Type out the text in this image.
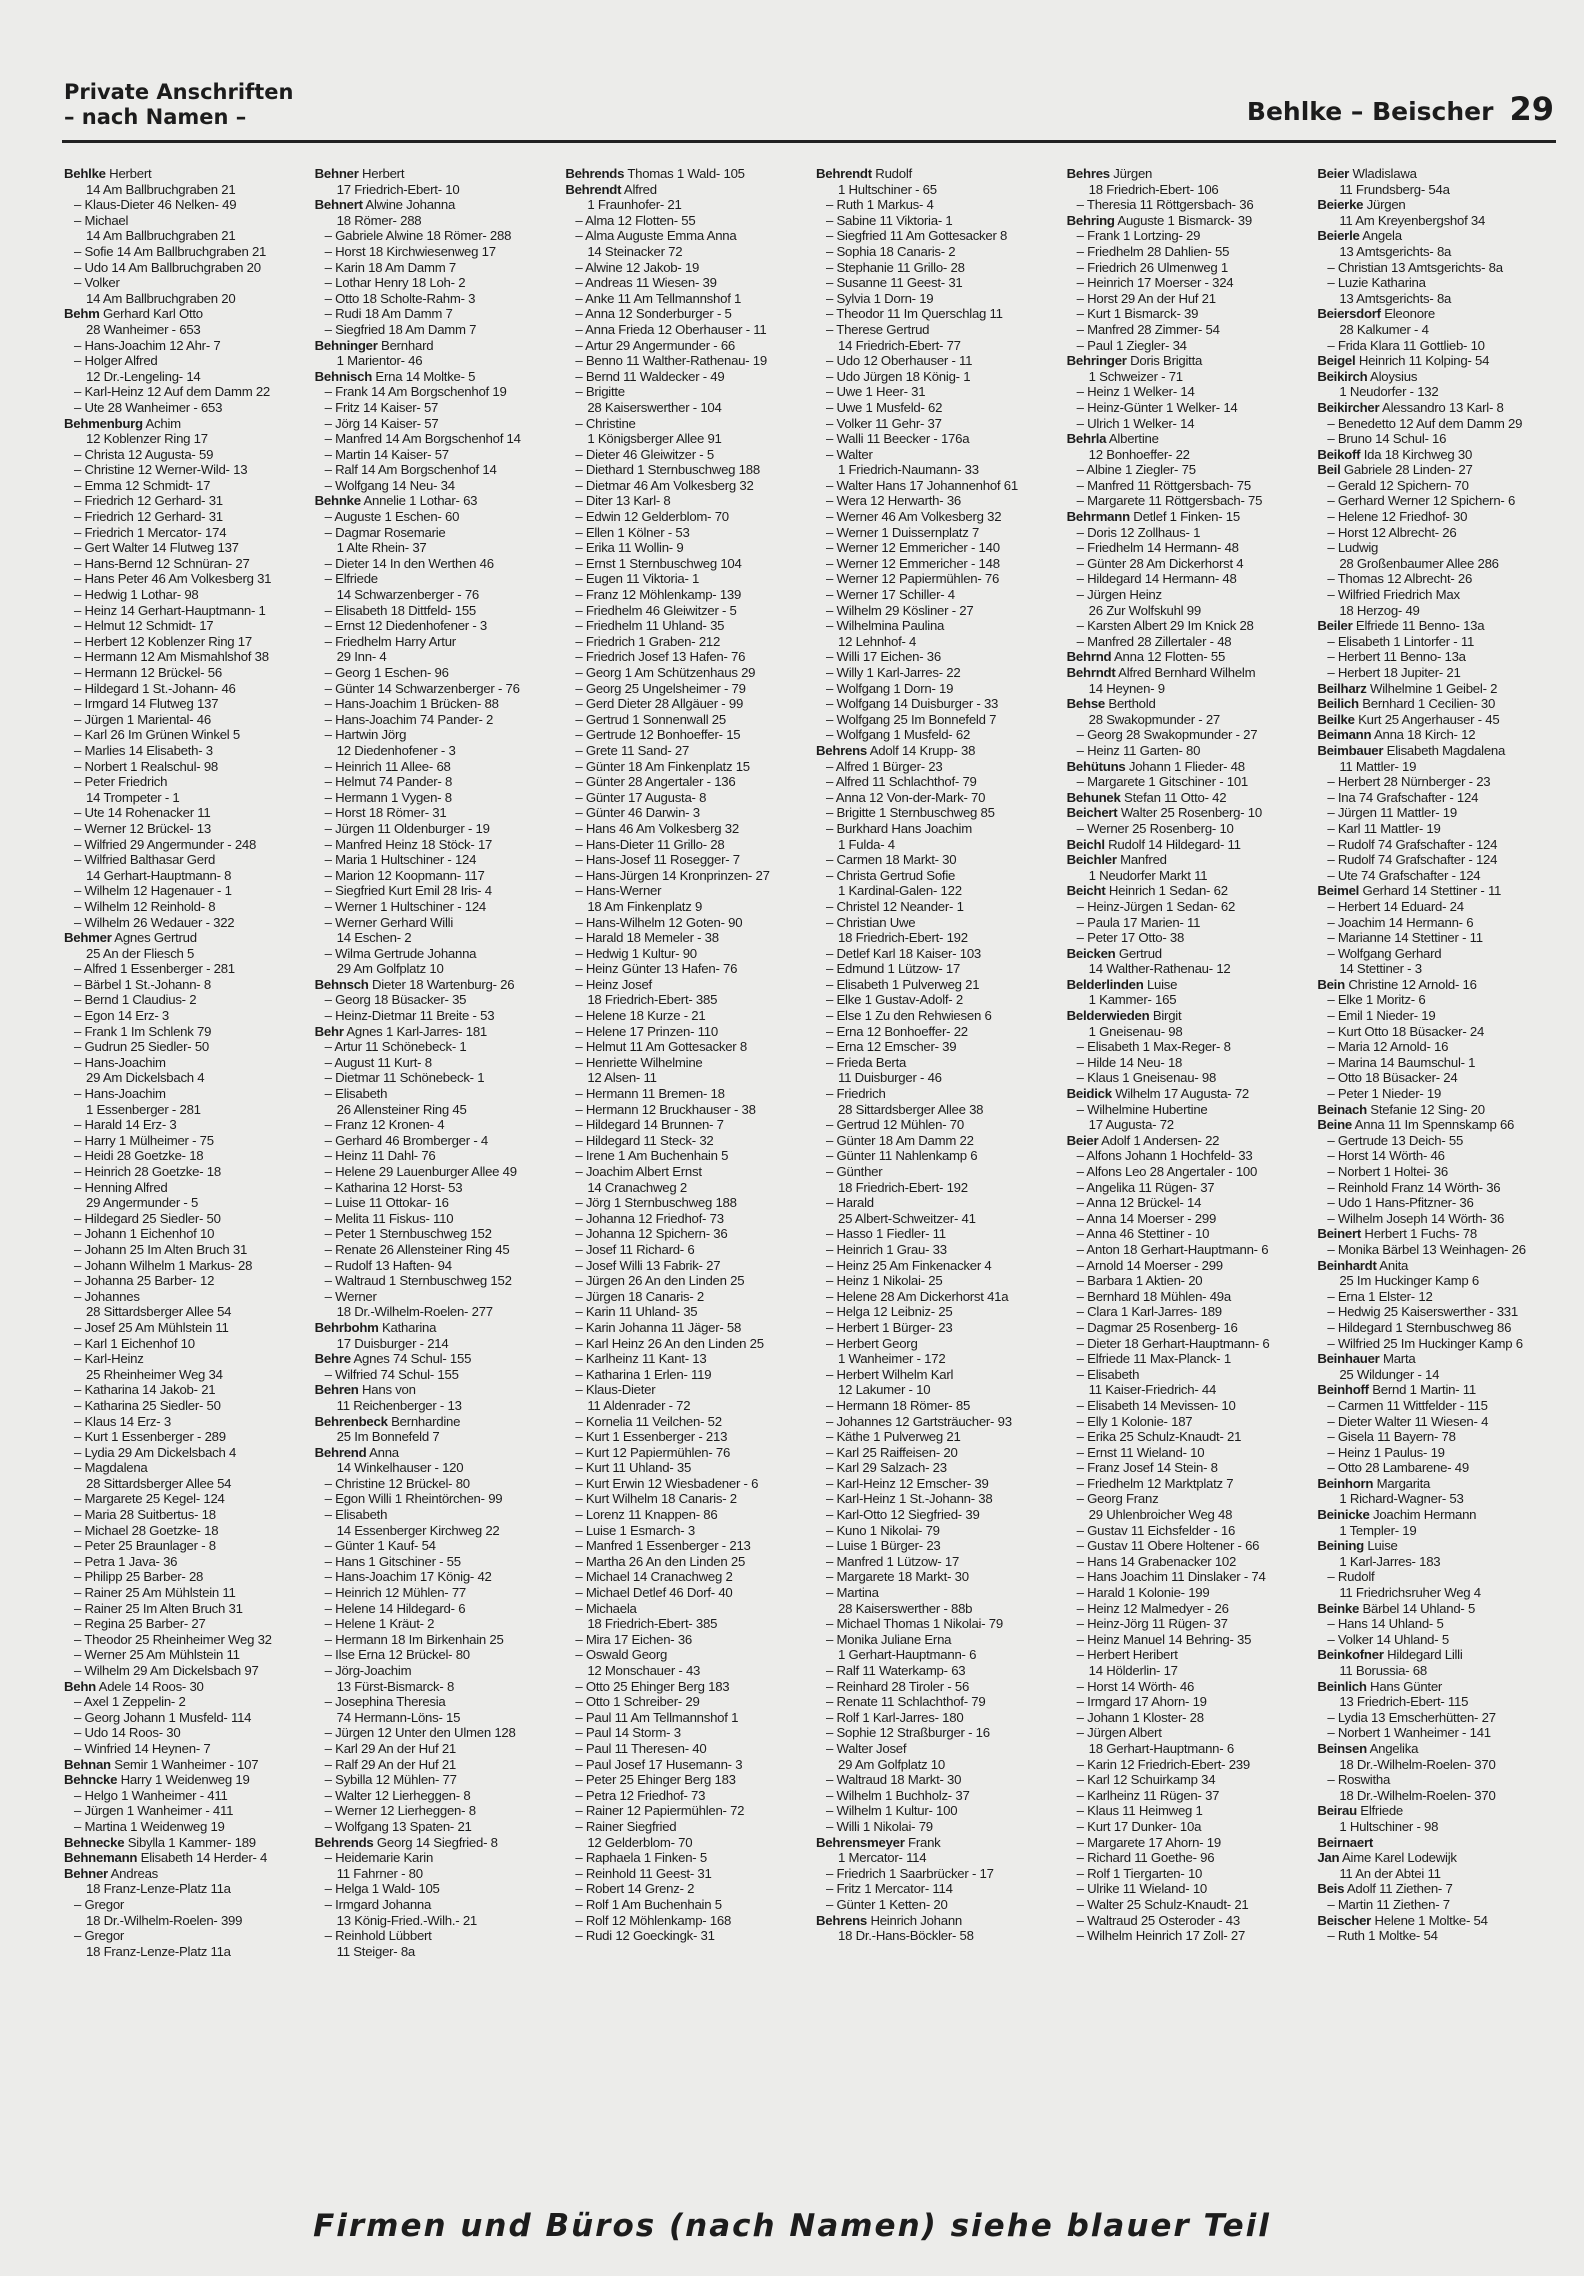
Private Anschriften
– nach Namen –	Behlke – Beischer 29
Behlke Herbert
14 Am Ballbruchgraben 21
– Klaus-Dieter 46 Nelken- 49
– Michael
14 Am Ballbruchgraben 21
– Sofie 14 Am Ballbruchgraben 21
– Udo 14 Am Ballbruchgraben 20
– Volker
14 Am Ballbruchgraben 20
Behm Gerhard Karl Otto
28 Wanheimer - 653
– Hans-Joachim 12 Ahr- 7
– Holger Alfred
12 Dr.-Lengeling- 14
– Karl-Heinz 12 Auf dem Damm 22
– Ute 28 Wanheimer - 653
Behmenburg Achim
12 Koblenzer Ring 17
– Christa 12 Augusta- 59
– Christine 12 Werner-Wild- 13
– Emma 12 Schmidt- 17
– Friedrich 12 Gerhard- 31
– Friedrich 12 Gerhard- 31
– Friedrich 1 Mercator- 174
– Gert Walter 14 Flutweg 137
– Hans-Bernd 12 Schnüran- 27
– Hans Peter 46 Am Volkesberg 31
– Hedwig 1 Lothar- 98
– Heinz 14 Gerhart-Hauptmann- 1
– Helmut 12 Schmidt- 17
– Herbert 12 Koblenzer Ring 17
– Hermann 12 Am Mismahlshof 38
– Hermann 12 Brückel- 56
– Hildegard 1 St.-Johann- 46
– Irmgard 14 Flutweg 137
– Jürgen 1 Mariental- 46
– Karl 26 Im Grünen Winkel 5
– Marlies 14 Elisabeth- 3
– Norbert 1 Realschul- 98
– Peter Friedrich
14 Trompeter - 1
– Ute 14 Rohenacker 11
– Werner 12 Brückel- 13
– Wilfried 29 Angermunder - 248
– Wilfried Balthasar Gerd
14 Gerhart-Hauptmann- 8
– Wilhelm 12 Hagenauer - 1
– Wilhelm 12 Reinhold- 8
– Wilhelm 26 Wedauer - 322
Behmer Agnes Gertrud
25 An der Fliesch 5
– Alfred 1 Essenberger - 281
– Bärbel 1 St.-Johann- 8
– Bernd 1 Claudius- 2
– Egon 14 Erz- 3
– Frank 1 Im Schlenk 79
– Gudrun 25 Siedler- 50
– Hans-Joachim
29 Am Dickelsbach 4
– Hans-Joachim
1 Essenberger - 281
– Harald 14 Erz- 3
– Harry 1 Mülheimer - 75
– Heidi 28 Goetzke- 18
– Heinrich 28 Goetzke- 18
– Henning Alfred
29 Angermunder - 5
– Hildegard 25 Siedler- 50
– Johann 1 Eichenhof 10
– Johann 25 Im Alten Bruch 31
– Johann Wilhelm 1 Markus- 28
– Johanna 25 Barber- 12
– Johannes
28 Sittardsberger Allee 54
– Josef 25 Am Mühlstein 11
– Karl 1 Eichenhof 10
– Karl-Heinz
25 Rheinheimer Weg 34
– Katharina 14 Jakob- 21
– Katharina 25 Siedler- 50
– Klaus 14 Erz- 3
– Kurt 1 Essenberger - 289
– Lydia 29 Am Dickelsbach 4
– Magdalena
28 Sittardsberger Allee 54
– Margarete 25 Kegel- 124
– Maria 28 Suitbertus- 18
– Michael 28 Goetzke- 18
– Peter 25 Braunlager - 8
– Petra 1 Java- 36
– Philipp 25 Barber- 28
– Rainer 25 Am Mühlstein 11
– Rainer 25 Im Alten Bruch 31
– Regina 25 Barber- 27
– Theodor 25 Rheinheimer Weg 32
– Werner 25 Am Mühlstein 11
– Wilhelm 29 Am Dickelsbach 97
Behn Adele 14 Roos- 30
– Axel 1 Zeppelin- 2
– Georg Johann 1 Musfeld- 114
– Udo 14 Roos- 30
– Winfried 14 Heynen- 7
Behnan Semir 1 Wanheimer - 107
Behncke Harry 1 Weidenweg 19
– Helgo 1 Wanheimer - 411
– Jürgen 1 Wanheimer - 411
– Martina 1 Weidenweg 19
Behnecke Sibylla 1 Kammer- 189
Behnemann Elisabeth 14 Herder- 4
Behner Andreas
18 Franz-Lenze-Platz 11a
– Gregor
18 Dr.-Wilhelm-Roelen- 399
– Gregor
18 Franz-Lenze-Platz 11a
Behner Herbert
17 Friedrich-Ebert- 10
Behnert Alwine Johanna
18 Römer- 288
– Gabriele Alwine 18 Römer- 288
– Horst 18 Kirchwiesenweg 17
– Karin 18 Am Damm 7
– Lothar Henry 18 Loh- 2
– Otto 18 Scholte-Rahm- 3
– Rudi 18 Am Damm 7
– Siegfried 18 Am Damm 7
Behninger Bernhard
1 Marientor- 46
Behnisch Erna 14 Moltke- 5
– Frank 14 Am Borgschenhof 19
– Fritz 14 Kaiser- 57
– Jörg 14 Kaiser- 57
– Manfred 14 Am Borgschenhof 14
– Martin 14 Kaiser- 57
– Ralf 14 Am Borgschenhof 14
– Wolfgang 14 Neu- 34
Behnke Annelie 1 Lothar- 63
– Auguste 1 Eschen- 60
– Dagmar Rosemarie
1 Alte Rhein- 37
– Dieter 14 In den Werthen 46
– Elfriede
14 Schwarzenberger - 76
– Elisabeth 18 Dittfeld- 155
– Ernst 12 Diedenhofener - 3
– Friedhelm Harry Artur
29 Inn- 4
– Georg 1 Eschen- 96
– Günter 14 Schwarzenberger - 76
– Hans-Joachim 1 Brücken- 88
– Hans-Joachim 74 Pander- 2
– Hartwin Jörg
12 Diedenhofener - 3
– Heinrich 11 Allee- 68
– Helmut 74 Pander- 8
– Hermann 1 Vygen- 8
– Horst 18 Römer- 31
– Jürgen 11 Oldenburger - 19
– Manfred Heinz 18 Stöck- 17
– Maria 1 Hultschiner - 124
– Marion 12 Koopmann- 117
– Siegfried Kurt Emil 28 Iris- 4
– Werner 1 Hultschiner - 124
– Werner Gerhard Willi
14 Eschen- 2
– Wilma Gertrude Johanna
29 Am Golfplatz 10
Behnsch Dieter 18 Wartenburg- 26
– Georg 18 Büsacker- 35
– Heinz-Dietmar 11 Breite - 53
Behr Agnes 1 Karl-Jarres- 181
– Artur 11 Schönebeck- 1
– August 11 Kurt- 8
– Dietmar 11 Schönebeck- 1
– Elisabeth
26 Allensteiner Ring 45
– Franz 12 Kronen- 4
– Gerhard 46 Bromberger - 4
– Heinz 11 Dahl- 76
– Helene 29 Lauenburger Allee 49
– Katharina 12 Horst- 53
– Luise 11 Ottokar- 16
– Melita 11 Fiskus- 110
– Peter 1 Sternbuschweg 152
– Renate 26 Allensteiner Ring 45
– Rudolf 13 Haften- 94
– Waltraud 1 Sternbuschweg 152
– Werner
18 Dr.-Wilhelm-Roelen- 277
Behrbohm Katharina
17 Duisburger - 214
Behre Agnes 74 Schul- 155
– Wilfried 74 Schul- 155
Behren Hans von
11 Reichenberger - 13
Behrenbeck Bernhardine
25 Im Bonnefeld 7
Behrend Anna
14 Winkelhauser - 120
– Christine 12 Brückel- 80
– Egon Willi 1 Rheintörchen- 99
– Elisabeth
14 Essenberger Kirchweg 22
– Günter 1 Kauf- 54
– Hans 1 Gitschiner - 55
– Hans-Joachim 17 König- 42
– Heinrich 12 Mühlen- 77
– Helene 14 Hildegard- 6
– Helene 1 Kräut- 2
– Hermann 18 Im Birkenhain 25
– Ilse Erna 12 Brückel- 80
– Jörg-Joachim
13 Fürst-Bismarck- 8
– Josephina Theresia
74 Hermann-Löns- 15
– Jürgen 12 Unter den Ulmen 128
– Karl 29 An der Huf 21
– Ralf 29 An der Huf 21
– Sybilla 12 Mühlen- 77
– Walter 12 Lierheggen- 8
– Werner 12 Lierheggen- 8
– Wolfgang 13 Spaten- 21
Behrends Georg 14 Siegfried- 8
– Heidemarie Karin
11 Fahrner - 80
– Helga 1 Wald- 105
– Irmgard Johanna
13 König-Fried.-Wilh.- 21
– Reinhold Lübbert
11 Steiger- 8a
Behrends Thomas 1 Wald- 105
Behrendt Alfred
1 Fraunhofer- 21
– Alma 12 Flotten- 55
– Alma Auguste Emma Anna
14 Steinacker 72
– Alwine 12 Jakob- 19
– Andreas 11 Wiesen- 39
– Anke 11 Am Tellmannshof 1
– Anna 12 Sonderburger - 5
– Anna Frieda 12 Oberhauser - 11
– Artur 29 Angermunder - 66
– Benno 11 Walther-Rathenau- 19
– Bernd 11 Waldecker - 49
– Brigitte
28 Kaiserswerther - 104
– Christine
1 Königsberger Allee 91
– Dieter 46 Gleiwitzer - 5
– Diethard 1 Sternbuschweg 188
– Dietmar 46 Am Volkesberg 32
– Diter 13 Karl- 8
– Edwin 12 Gelderblom- 70
– Ellen 1 Kölner - 53
– Erika 11 Wollin- 9
– Ernst 1 Sternbuschweg 104
– Eugen 11 Viktoria- 1
– Franz 12 Möhlenkamp- 139
– Friedhelm 46 Gleiwitzer - 5
– Friedhelm 11 Uhland- 35
– Friedrich 1 Graben- 212
– Friedrich Josef 13 Hafen- 76
– Georg 1 Am Schützenhaus 29
– Georg 25 Ungelsheimer - 79
– Gerd Dieter 28 Allgäuer - 99
– Gertrud 1 Sonnenwall 25
– Gertrude 12 Bonhoeffer- 15
– Grete 11 Sand- 27
– Günter 18 Am Finkenplatz 15
– Günter 28 Angertaler - 136
– Günter 17 Augusta- 8
– Günter 46 Darwin- 3
– Hans 46 Am Volkesberg 32
– Hans-Dieter 11 Grillo- 28
– Hans-Josef 11 Rosegger- 7
– Hans-Jürgen 14 Kronprinzen- 27
– Hans-Werner
18 Am Finkenplatz 9
– Hans-Wilhelm 12 Goten- 90
– Harald 18 Memeler - 38
– Hedwig 1 Kultur- 90
– Heinz Günter 13 Hafen- 76
– Heinz Josef
18 Friedrich-Ebert- 385
– Helene 18 Kurze - 21
– Helene 17 Prinzen- 110
– Helmut 11 Am Gottesacker 8
– Henriette Wilhelmine
12 Alsen- 11
– Hermann 11 Bremen- 18
– Hermann 12 Bruckhauser - 38
– Hildegard 14 Brunnen- 7
– Hildegard 11 Steck- 32
– Irene 1 Am Buchenhain 5
– Joachim Albert Ernst
14 Cranachweg 2
– Jörg 1 Sternbuschweg 188
– Johanna 12 Friedhof- 73
– Johanna 12 Spichern- 36
– Josef 11 Richard- 6
– Josef Willi 13 Fabrik- 27
– Jürgen 26 An den Linden 25
– Jürgen 18 Canaris- 2
– Karin 11 Uhland- 35
– Karin Johanna 11 Jäger- 58
– Karl Heinz 26 An den Linden 25
– Karlheinz 11 Kant- 13
– Katharina 1 Erlen- 119
– Klaus-Dieter
11 Aldenrader - 72
– Kornelia 11 Veilchen- 52
– Kurt 1 Essenberger - 213
– Kurt 12 Papiermühlen- 76
– Kurt 11 Uhland- 35
– Kurt Erwin 12 Wiesbadener - 6
– Kurt Wilhelm 18 Canaris- 2
– Lorenz 11 Knappen- 86
– Luise 1 Esmarch- 3
– Manfred 1 Essenberger - 213
– Martha 26 An den Linden 25
– Michael 14 Cranachweg 2
– Michael Detlef 46 Dorf- 40
– Michaela
18 Friedrich-Ebert- 385
– Mira 17 Eichen- 36
– Oswald Georg
12 Monschauer - 43
– Otto 25 Ehinger Berg 183
– Otto 1 Schreiber- 29
– Paul 11 Am Tellmannshof 1
– Paul 14 Storm- 3
– Paul 11 Theresen- 40
– Paul Josef 17 Husemann- 3
– Peter 25 Ehinger Berg 183
– Petra 12 Friedhof- 73
– Rainer 12 Papiermühlen- 72
– Rainer Siegfried
12 Gelderblom- 70
– Raphaela 1 Finken- 5
– Reinhold 11 Geest- 31
– Robert 14 Grenz- 2
– Rolf 1 Am Buchenhain 5
– Rolf 12 Möhlenkamp- 168
– Rudi 12 Goeckingk- 31
Behrendt Rudolf
1 Hultschiner - 65
– Ruth 1 Markus- 4
– Sabine 11 Viktoria- 1
– Siegfried 11 Am Gottesacker 8
– Sophia 18 Canaris- 2
– Stephanie 11 Grillo- 28
– Susanne 11 Geest- 31
– Sylvia 1 Dorn- 19
– Theodor 11 Im Querschlag 11
– Therese Gertrud
14 Friedrich-Ebert- 77
– Udo 12 Oberhauser - 11
– Udo Jürgen 18 König- 1
– Uwe 1 Heer- 31
– Uwe 1 Musfeld- 62
– Volker 11 Gehr- 37
– Walli 11 Beecker - 176a
– Walter
1 Friedrich-Naumann- 33
– Walter Hans 17 Johannenhof 61
– Wera 12 Herwarth- 36
– Werner 46 Am Volkesberg 32
– Werner 1 Duissernplatz 7
– Werner 12 Emmericher - 140
– Werner 12 Emmericher - 148
– Werner 12 Papiermühlen- 76
– Werner 17 Schiller- 4
– Wilhelm 29 Kösliner - 27
– Wilhelmina Paulina
12 Lehnhof- 4
– Willi 17 Eichen- 36
– Willy 1 Karl-Jarres- 22
– Wolfgang 1 Dorn- 19
– Wolfgang 14 Duisburger - 33
– Wolfgang 25 Im Bonnefeld 7
– Wolfgang 1 Musfeld- 62
Behrens Adolf 14 Krupp- 38
– Alfred 1 Bürger- 23
– Alfred 11 Schlachthof- 79
– Anna 12 Von-der-Mark- 70
– Brigitte 1 Sternbuschweg 85
– Burkhard Hans Joachim
1 Fulda- 4
– Carmen 18 Markt- 30
– Christa Gertrud Sofie
1 Kardinal-Galen- 122
– Christel 12 Neander- 1
– Christian Uwe
18 Friedrich-Ebert- 192
– Detlef Karl 18 Kaiser- 103
– Edmund 1 Lützow- 17
– Elisabeth 1 Pulverweg 21
– Elke 1 Gustav-Adolf- 2
– Else 1 Zu den Rehwiesen 6
– Erna 12 Bonhoeffer- 22
– Erna 12 Emscher- 39
– Frieda Berta
11 Duisburger - 46
– Friedrich
28 Sittardsberger Allee 38
– Gertrud 12 Mühlen- 70
– Günter 18 Am Damm 22
– Günter 11 Nahlenkamp 6
– Günther
18 Friedrich-Ebert- 192
– Harald
25 Albert-Schweitzer- 41
– Hasso 1 Fiedler- 11
– Heinrich 1 Grau- 33
– Heinz 25 Am Finkenacker 4
– Heinz 1 Nikolai- 25
– Helene 28 Am Dickerhorst 41a
– Helga 12 Leibniz- 25
– Herbert 1 Bürger- 23
– Herbert Georg
1 Wanheimer - 172
– Herbert Wilhelm Karl
12 Lakumer - 10
– Hermann 18 Römer- 85
– Johannes 12 Gartsträucher- 93
– Käthe 1 Pulverweg 21
– Karl 25 Raiffeisen- 20
– Karl 29 Salzach- 23
– Karl-Heinz 12 Emscher- 39
– Karl-Heinz 1 St.-Johann- 38
– Karl-Otto 12 Siegfried- 39
– Kuno 1 Nikolai- 79
– Luise 1 Bürger- 23
– Manfred 1 Lützow- 17
– Margarete 18 Markt- 30
– Martina
28 Kaiserswerther - 88b
– Michael Thomas 1 Nikolai- 79
– Monika Juliane Erna
1 Gerhart-Hauptmann- 6
– Ralf 11 Waterkamp- 63
– Reinhard 28 Tiroler - 56
– Renate 11 Schlachthof- 79
– Rolf 1 Karl-Jarres- 180
– Sophie 12 Straßburger - 16
– Walter Josef
29 Am Golfplatz 10
– Waltraud 18 Markt- 30
– Wilhelm 1 Buchholz- 37
– Wilhelm 1 Kultur- 100
– Willi 1 Nikolai- 79
Behrensmeyer Frank
1 Mercator- 114
– Friedrich 1 Saarbrücker - 17
– Fritz 1 Mercator- 114
– Günter 1 Ketten- 20
Behrens Heinrich Johann
18 Dr.-Hans-Böckler- 58
Behres Jürgen
18 Friedrich-Ebert- 106
– Theresia 11 Röttgersbach- 36
Behring Auguste 1 Bismarck- 39
– Frank 1 Lortzing- 29
– Friedhelm 28 Dahlien- 55
– Friedrich 26 Ulmenweg 1
– Heinrich 17 Moerser - 324
– Horst 29 An der Huf 21
– Kurt 1 Bismarck- 39
– Manfred 28 Zimmer- 54
– Paul 1 Ziegler- 34
Behringer Doris Brigitta
1 Schweizer - 71
– Heinz 1 Welker- 14
– Heinz-Günter 1 Welker- 14
– Ulrich 1 Welker- 14
Behrla Albertine
12 Bonhoeffer- 22
– Albine 1 Ziegler- 75
– Manfred 11 Röttgersbach- 75
– Margarete 11 Röttgersbach- 75
Behrmann Detlef 1 Finken- 15
– Doris 12 Zollhaus- 1
– Friedhelm 14 Hermann- 48
– Günter 28 Am Dickerhorst 4
– Hildegard 14 Hermann- 48
– Jürgen Heinz
26 Zur Wolfskuhl 99
– Karsten Albert 29 Im Knick 28
– Manfred 28 Zillertaler - 48
Behrnd Anna 12 Flotten- 55
Behrndt Alfred Bernhard Wilhelm
14 Heynen- 9
Behse Berthold
28 Swakopmunder - 27
– Georg 28 Swakopmunder - 27
– Heinz 11 Garten- 80
Behütuns Johann 1 Flieder- 48
– Margarete 1 Gitschiner - 101
Behunek Stefan 11 Otto- 42
Beichert Walter 25 Rosenberg- 10
– Werner 25 Rosenberg- 10
Beichl Rudolf 14 Hildegard- 11
Beichler Manfred
1 Neudorfer Markt 11
Beicht Heinrich 1 Sedan- 62
– Heinz-Jürgen 1 Sedan- 62
– Paula 17 Marien- 11
– Peter 17 Otto- 38
Beicken Gertrud
14 Walther-Rathenau- 12
Belderlinden Luise
1 Kammer- 165
Belderwieden Birgit
1 Gneisenau- 98
– Elisabeth 1 Max-Reger- 8
– Hilde 14 Neu- 18
– Klaus 1 Gneisenau- 98
Beidick Wilhelm 17 Augusta- 72
– Wilhelmine Hubertine
17 Augusta- 72
Beier Adolf 1 Andersen- 22
– Alfons Johann 1 Hochfeld- 33
– Alfons Leo 28 Angertaler - 100
– Angelika 11 Rügen- 37
– Anna 12 Brückel- 14
– Anna 14 Moerser - 299
– Anna 46 Stettiner - 10
– Anton 18 Gerhart-Hauptmann- 6
– Arnold 14 Moerser - 299
– Barbara 1 Aktien- 20
– Bernhard 18 Mühlen- 49a
– Clara 1 Karl-Jarres- 189
– Dagmar 25 Rosenberg- 16
– Dieter 18 Gerhart-Hauptmann- 6
– Elfriede 11 Max-Planck- 1
– Elisabeth
11 Kaiser-Friedrich- 44
– Elisabeth 14 Mevissen- 10
– Elly 1 Kolonie- 187
– Erika 25 Schulz-Knaudt- 21
– Ernst 11 Wieland- 10
– Franz Josef 14 Stein- 8
– Friedhelm 12 Marktplatz 7
– Georg Franz
29 Uhlenbroicher Weg 48
– Gustav 11 Eichsfelder - 16
– Gustav 11 Obere Holtener - 66
– Hans 14 Grabenacker 102
– Hans Joachim 11 Dinslaker - 74
– Harald 1 Kolonie- 199
– Heinz 12 Malmedyer - 26
– Heinz-Jörg 11 Rügen- 37
– Heinz Manuel 14 Behring- 35
– Herbert Heribert
14 Hölderlin- 17
– Horst 14 Wörth- 46
– Irmgard 17 Ahorn- 19
– Johann 1 Kloster- 28
– Jürgen Albert
18 Gerhart-Hauptmann- 6
– Karin 12 Friedrich-Ebert- 239
– Karl 12 Schuirkamp 34
– Karlheinz 11 Rügen- 37
– Klaus 11 Heimweg 1
– Kurt 17 Dunker- 10a
– Margarete 17 Ahorn- 19
– Richard 11 Goethe- 96
– Rolf 1 Tiergarten- 10
– Ulrike 11 Wieland- 10
– Walter 25 Schulz-Knaudt- 21
– Waltraud 25 Osteroder - 43
– Wilhelm Heinrich 17 Zoll- 27
Beier Wladislawa
11 Frundsberg- 54a
Beierke Jürgen
11 Am Kreyenbergshof 34
Beierle Angela
13 Amtsgerichts- 8a
– Christian 13 Amtsgerichts- 8a
– Luzie Katharina
13 Amtsgerichts- 8a
Beiersdorf Eleonore
28 Kalkumer - 4
– Frida Klara 11 Gottlieb- 10
Beigel Heinrich 11 Kolping- 54
Beikirch Aloysius
1 Neudorfer - 132
Beikircher Alessandro 13 Karl- 8
– Benedetto 12 Auf dem Damm 29
– Bruno 14 Schul- 16
Beikoff Ida 18 Kirchweg 30
Beil Gabriele 28 Linden- 27
– Gerald 12 Spichern- 70
– Gerhard Werner 12 Spichern- 6
– Helene 12 Friedhof- 30
– Horst 12 Albrecht- 26
– Ludwig
28 Großenbaumer Allee 286
– Thomas 12 Albrecht- 26
– Wilfried Friedrich Max
18 Herzog- 49
Beiler Elfriede 11 Benno- 13a
– Elisabeth 1 Lintorfer - 11
– Herbert 11 Benno- 13a
– Herbert 18 Jupiter- 21
Beilharz Wilhelmine 1 Geibel- 2
Beilich Bernhard 1 Cecilien- 30
Beilke Kurt 25 Angerhauser - 45
Beimann Anna 18 Kirch- 12
Beimbauer Elisabeth Magdalena
11 Mattler- 19
– Herbert 28 Nürnberger - 23
– Ina 74 Grafschafter - 124
– Jürgen 11 Mattler- 19
– Karl 11 Mattler- 19
– Rudolf 74 Grafschafter - 124
– Rudolf 74 Grafschafter - 124
– Ute 74 Grafschafter - 124
Beimel Gerhard 14 Stettiner - 11
– Herbert 14 Eduard- 24
– Joachim 14 Hermann- 6
– Marianne 14 Stettiner - 11
– Wolfgang Gerhard
14 Stettiner - 3
Bein Christine 12 Arnold- 16
– Elke 1 Moritz- 6
– Emil 1 Nieder- 19
– Kurt Otto 18 Büsacker- 24
– Maria 12 Arnold- 16
– Marina 14 Baumschul- 1
– Otto 18 Büsacker- 24
– Peter 1 Nieder- 19
Beinach Stefanie 12 Sing- 20
Beine Anna 11 Im Spennskamp 66
– Gertrude 13 Deich- 55
– Horst 14 Wörth- 46
– Norbert 1 Holtei- 36
– Reinhold Franz 14 Wörth- 36
– Udo 1 Hans-Pfitzner- 36
– Wilhelm Joseph 14 Wörth- 36
Beinert Herbert 1 Fuchs- 78
– Monika Bärbel 13 Weinhagen- 26
Beinhardt Anita
25 Im Huckinger Kamp 6
– Erna 1 Elster- 12
– Hedwig 25 Kaiserswerther - 331
– Hildegard 1 Sternbuschweg 86
– Wilfried 25 Im Huckinger Kamp 6
Beinhauer Marta
25 Wildunger - 14
Beinhoff Bernd 1 Martin- 11
– Carmen 11 Wittfelder - 115
– Dieter Walter 11 Wiesen- 4
– Gisela 11 Bayern- 78
– Heinz 1 Paulus- 19
– Otto 28 Lambarene- 49
Beinhorn Margarita
1 Richard-Wagner- 53
Beinicke Joachim Hermann
1 Templer- 19
Beining Luise
1 Karl-Jarres- 183
– Rudolf
11 Friedrichsruher Weg 4
Beinke Bärbel 14 Uhland- 5
– Hans 14 Uhland- 5
– Volker 14 Uhland- 5
Beinkofner Hildegard Lilli
11 Borussia- 68
Beinlich Hans Günter
13 Friedrich-Ebert- 115
– Lydia 13 Emscherhütten- 27
– Norbert 1 Wanheimer - 141
Beinsen Angelika
18 Dr.-Wilhelm-Roelen- 370
– Roswitha
18 Dr.-Wilhelm-Roelen- 370
Beirau Elfriede
1 Hultschiner - 98
Beirnaert
Jan Aime Karel Lodewijk
11 An der Abtei 11
Beis Adolf 11 Ziethen- 7
– Martin 11 Ziethen- 7
Beischer Helene 1 Moltke- 54
– Ruth 1 Moltke- 54
Firmen und Büros (nach Namen) siehe blauer Teil
